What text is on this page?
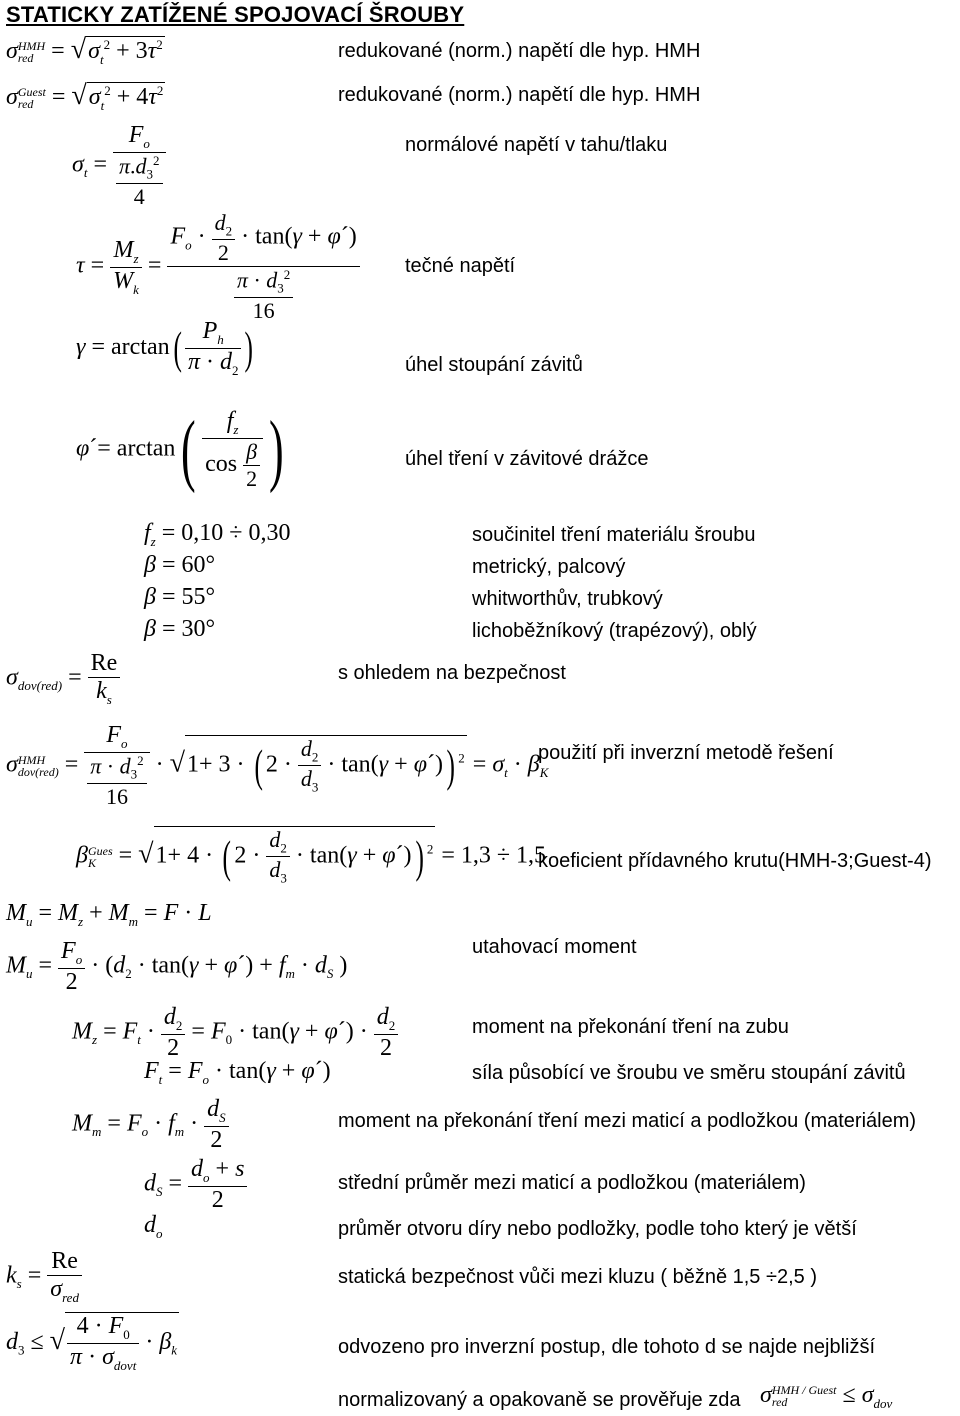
STATICKY ZATÍŽENÉ SPOJOVACÍ ŠROUBY
σHMH
red = $√\sigma_t^2 + 3\tau^2$	redukované (norm.) napětí dle hyp. HMH
σGuest
red = $√\sigma_t^2 + 4\tau^2$	redukované (norm.) napětí dle hyp. HMH
$\sigma_t = \frac{F_o}{\frac{\pi.d_3^2}{4}}$	normálové napětí v tahu/tlaku
$\tau = \frac{M_z}{W_k} = \frac{F_o \cdot \frac{d_2}{2} \cdot \tan(\gamma + \varphi´)}{\frac{\pi \cdot d_3^2}{16}}$ tečné napětí
$\gamma = \arctan( \frac{P_h}{\pi \cdot d_2}$ )	úhel stoupání závitů
φ´= $\arctan( \frac{f_z}{\cos \frac{\beta}{2}}$ )	úhel tření v závitové drážce
$f_z = 0,10 \div 0,30$	součinitel tření materiálu šroubu
β = 60°	metrický, palcový
β = 55°	whitworthův, trubkový
β = 30°	lichoběžníkový (trapézový), oblý
$\sigma_{dov(red)} = \frac{Re}{k_s}$	s ohledem na bezpečnost
σHMH
$dov(red) = \frac{F_o}{\frac{\pi \cdot d_3^2}{16}} \cdot √1+ 3$ · ( $2 \cdot \frac{d_2}{d_3} \cdot \tan(\gamma$ + φ´)) $^2 = \sigma_t \cdot \beta_K$
použití při inverzní metodě řešení
βGues
K = √1+ 4 · ( $2 \cdot \frac{d_2}{d_3} \cdot \tan(\gamma$ + φ´)) $^2$ = 1,3 ÷ 1,5
koeficient přídavného krutu(HMH-3;Guest-4)
$M_u = M_z + M_m = F \cdot L$
$M_u = \frac{F_o}{2} \cdot (d_2 \cdot \tan(\gamma$ + φ´) + $f_m \cdot d_S$ )
utahovací moment
$M_z = F_t \cdot \frac{d_2}{2} = F_0 \cdot \tan(\gamma$ + φ´) · $\frac{d_2}{2}$	moment na překonání tření na zubu
$F_t = F_o \cdot \tan(\gamma$ + φ´)	síla působící ve šroubu ve směru stoupání závitů
$M_m = F_o \cdot f_m \cdot \frac{d_S}{2}$	moment na překonání tření mezi maticí a podložkou (materiálem)
$d_S = \frac{d_o + s}{2}$	střední průměr mezi maticí a podložkou (materiálem)
$d_o$	průměr otvoru díry nebo podložky, podle toho který je větší
$k_s = \frac{Re}{\sigma_{red}}$	statická bezpečnost vůči mezi kluzu ( běžně 1,5 ÷2,5 )
$d_3$ ≤ √ $\frac{4 \cdot F_0}{\pi \cdot \sigma_{dovt}} \cdot \beta_k$	odvozeno pro inverzní postup, dle tohoto d se najde nejbližší
normalizovaný a opakovaně se prověřuje zda σHMH / Guest
red ≤ $\sigma_{dov}$
